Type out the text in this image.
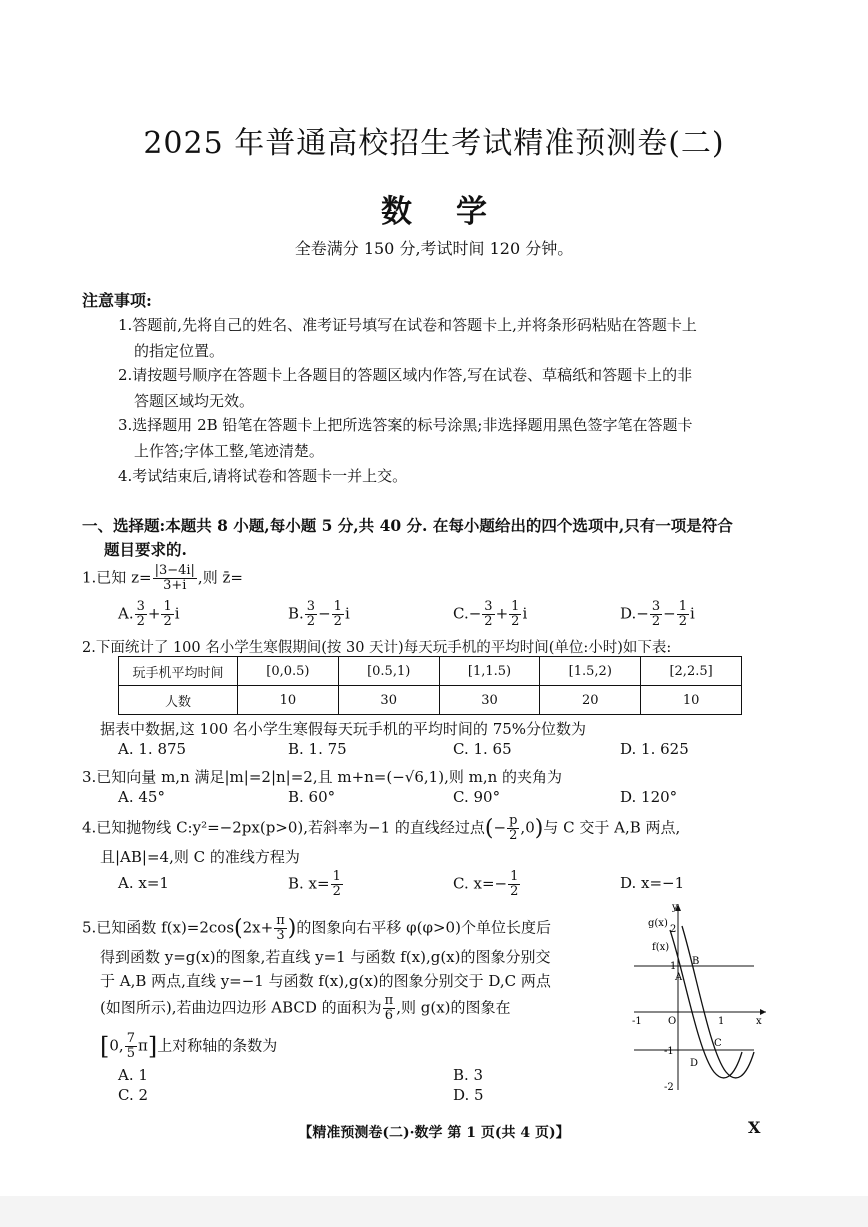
2025 年普通高校招生考试精准预测卷(二)
数学
全卷满分 150 分,考试时间 120 分钟。
注意事项:
1.答题前,先将自己的姓名、准考证号填写在试卷和答题卡上,并将条形码粘贴在答题卡上
的指定位置。
2.请按题号顺序在答题卡上各题目的答题区域内作答,写在试卷、草稿纸和答题卡上的非
答题区域均无效。
3.选择题用 2B 铅笔在答题卡上把所选答案的标号涂黑;非选择题用黑色签字笔在答题卡
上作答;字体工整,笔迹清楚。
4.考试结束后,请将试卷和答题卡一并上交。
一、选择题:本题共 8 小题,每小题 5 分,共 40 分. 在每小题给出的四个选项中,只有一项是符合
题目要求的.
1.已知 $z= \frac{|3-4i|}{3+i}$ ,则 z̄=
A. $\frac{3}{2} + \frac{1}{2}$ i	B. $\frac{3}{2} - \frac{1}{2}$ i	$C.- \frac{3}{2} + \frac{1}{2}$ i	$D.- \frac{3}{2} - \frac{1}{2}$ i
2.下面统计了 100 名小学生寒假期间(按 30 天计)每天玩手机的平均时间(单位:小时)如下表:
玩手机平均时间	[0,0.5)	[0.5,1)	[1,1.5)	[1.5,2)	[2,2.5]
人数	10	30	30	20	10
据表中数据,这 100 名小学生寒假每天玩手机的平均时间的 75%分位数为
A. 1. 875	B. 1. 75	C. 1. 65	D. 1. 625
3.已知向量 m,n 满足|m|=2|n|=2,且 m+n=(−√6,1),则 m,n 的夹角为
A. 45°	B. 60°	C. 90°	D. 120°
4.已知抛物线 C:y²=−2px(p>0),若斜率为−1 的直线经过点(− $\frac{p}{2} ,0$)与 C 交于 A,B 两点,
且|AB|=4,则 C 的准线方程为
A. x=1	B. $x= \frac{1}{2}$	C. $x=- \frac{1}{2}$	D. x=−1
5.已知函数 $f(x)=2\cos(2x+ \frac{\pi}{3}$ )的图象向右平移 φ(φ>0)个单位长度后
得到函数 y=g(x)的图象,若直线 y=1 与函数 f(x),g(x)的图象分别交
于 A,B 两点,直线 y=−1 与函数 f(x),g(x)的图象分别交于 D,C 两点
(如图所示),若曲边四边形 ABCD 的面积为 $\frac{\pi}{6}$ ,则 g(x)的图象在
[0, $\frac{7}{5} \pi$]上对称轴的条数为
A. 1	B. 3
C. 2	D. 5
g(x)
f(x)
y
2
1
A
B
-1	O	1	x
-1
D
C
-2
【精准预测卷(二)·数学 第 1 页(共 4 页)】	X
